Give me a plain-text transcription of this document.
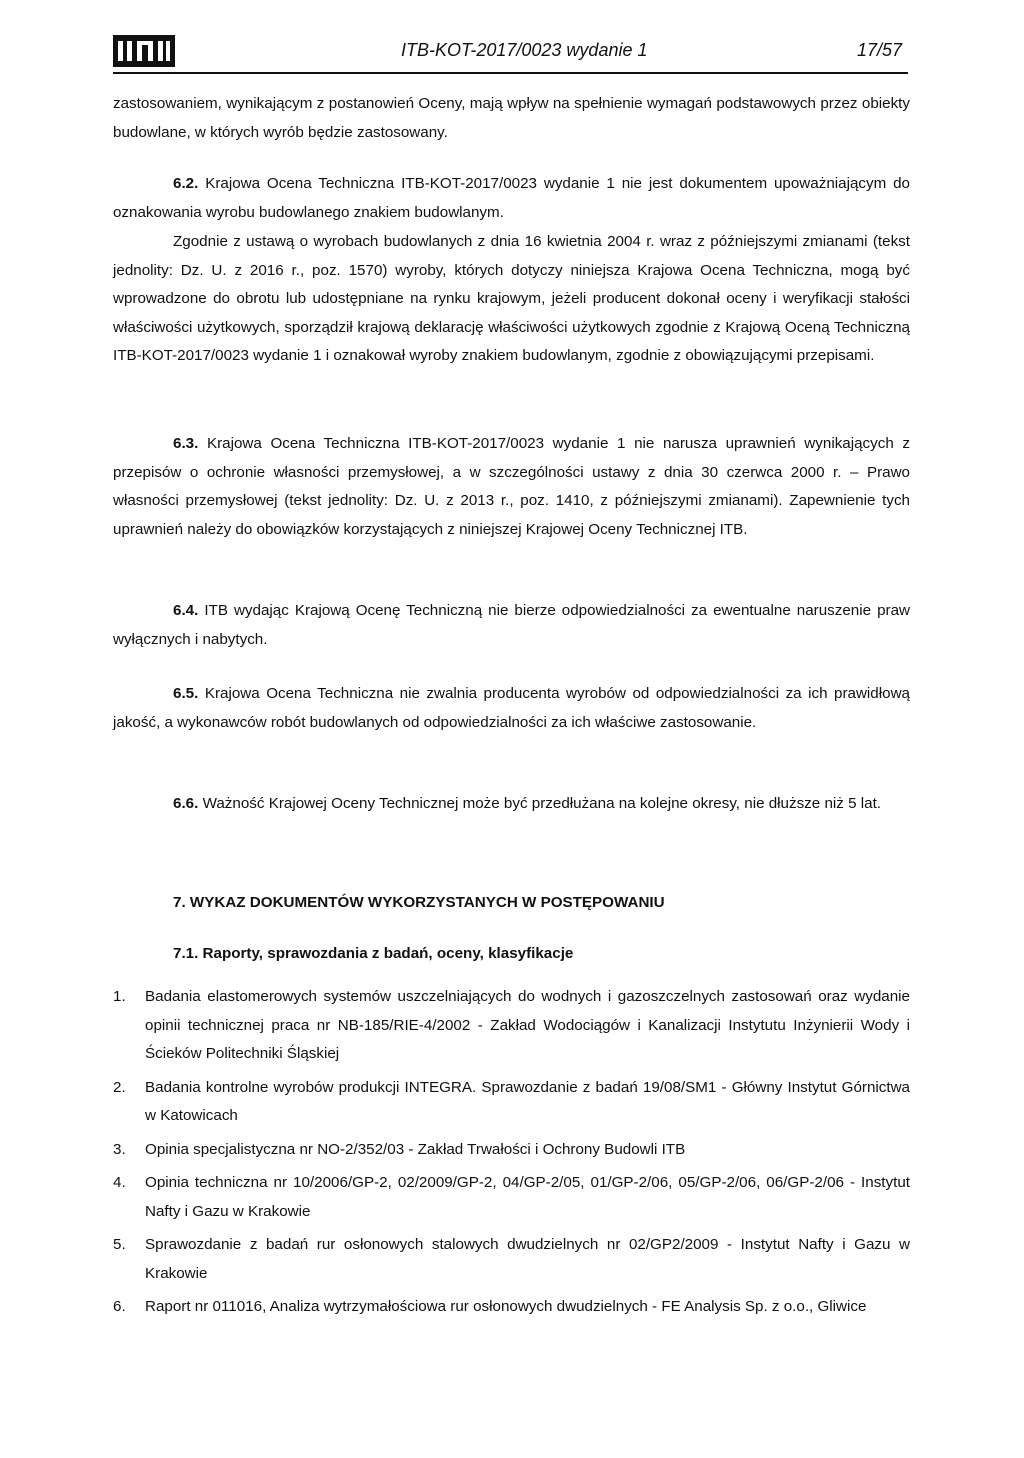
ITB-KOT-2017/0023 wydanie 1	17/57

zastosowaniem, wynikającym z postanowień Oceny, mają wpływ na spełnienie wymagań podstawowych przez obiekty budowlane, w których wyrób będzie zastosowany.

6.2. Krajowa Ocena Techniczna ITB-KOT-2017/0023 wydanie 1 nie jest dokumentem upoważniającym do oznakowania wyrobu budowlanego znakiem budowlanym.

Zgodnie z ustawą o wyrobach budowlanych z dnia 16 kwietnia 2004 r. wraz z późniejszymi zmianami (tekst jednolity: Dz. U. z 2016 r., poz. 1570) wyroby, których dotyczy niniejsza Krajowa Ocena Techniczna, mogą być wprowadzone do obrotu lub udostępniane na rynku krajowym, jeżeli producent dokonał oceny i weryfikacji stałości właściwości użytkowych, sporządził krajową deklarację właściwości użytkowych zgodnie z Krajową Oceną Techniczną ITB-KOT-2017/0023 wydanie 1 i oznakował wyroby znakiem budowlanym, zgodnie z obowiązującymi przepisami.

6.3. Krajowa Ocena Techniczna ITB-KOT-2017/0023 wydanie 1 nie narusza uprawnień wynikających z przepisów o ochronie własności przemysłowej, a w szczególności ustawy z dnia 30 czerwca 2000 r. – Prawo własności przemysłowej (tekst jednolity: Dz. U. z 2013 r., poz. 1410, z późniejszymi zmianami). Zapewnienie tych uprawnień należy do obowiązków korzystających z niniejszej Krajowej Oceny Technicznej ITB.

6.4. ITB wydając Krajową Ocenę Techniczną nie bierze odpowiedzialności za ewentualne naruszenie praw wyłącznych i nabytych.

6.5. Krajowa Ocena Techniczna nie zwalnia producenta wyrobów od odpowiedzialności za ich prawidłową jakość, a wykonawców robót budowlanych od odpowiedzialności za ich właściwe zastosowanie.

6.6. Ważność Krajowej Oceny Technicznej może być przedłużana na kolejne okresy, nie dłuższe niż 5 lat.

7. WYKAZ DOKUMENTÓW WYKORZYSTANYCH W POSTĘPOWANIU
7.1. Raporty, sprawozdania z badań, oceny, klasyfikacje
1. Badania elastomerowych systemów uszczelniających do wodnych i gazoszczelnych zastosowań oraz wydanie opinii technicznej praca nr NB-185/RIE-4/2002 - Zakład Wodociągów i Kanalizacji Instytutu Inżynierii Wody i Ścieków Politechniki Śląskiej
2. Badania kontrolne wyrobów produkcji INTEGRA. Sprawozdanie z badań 19/08/SM1 - Główny Instytut Górnictwa w Katowicach
3. Opinia specjalistyczna nr NO-2/352/03 - Zakład Trwałości i Ochrony Budowli ITB
4. Opinia techniczna nr 10/2006/GP-2, 02/2009/GP-2, 04/GP-2/05, 01/GP-2/06, 05/GP-2/06, 06/GP-2/06 - Instytut Nafty i Gazu w Krakowie
5. Sprawozdanie z badań rur osłonowych stalowych dwudzielnych nr 02/GP2/2009 - Instytut Nafty i Gazu w Krakowie
6. Raport nr 011016, Analiza wytrzymałościowa rur osłonowych dwudzielnych - FE Analysis Sp. z o.o., Gliwice
